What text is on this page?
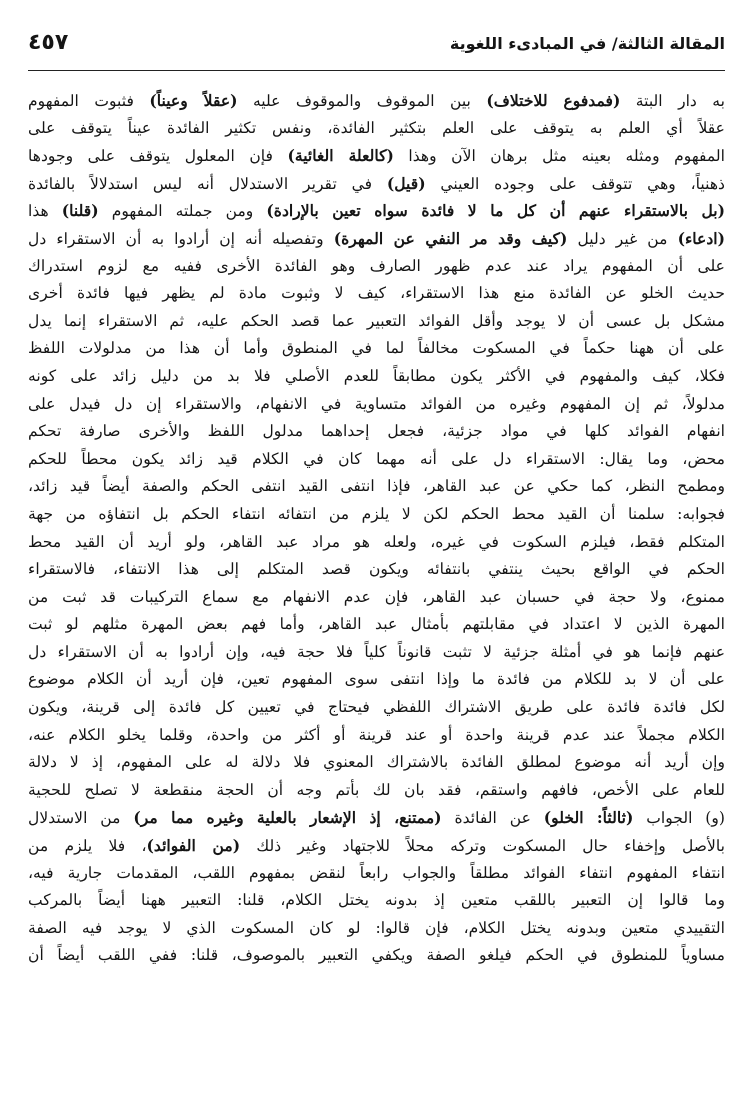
المقالة الثالثة/ في المبادىء اللغوية
٤٥٧
به دار البتة (فمدفوع للاختلاف) بين الموقوف والموقوف عليه (عقلاً وعيناً) فثبوت المفهوم
عقلاً أي العلم به يتوقف على العلم بتكثير الفائدة، ونفس تكثير الفائدة عيناً يتوقف على
المفهوم ومثله بعينه مثل برهان الآن وهذا (كالعلة الغائية) فإن المعلول يتوقف على وجودها
ذهنياً، وهي تتوقف على وجوده العيني (قيل) في تقرير الاستدلال أنه ليس استدلالاً بالفائدة
(بل بالاستقراء عنهم أن كل ما لا فائدة سواه تعين بالإرادة) ومن جملته المفهوم (قلنا) هذا
(ادعاء) من غير دليل (كيف وقد مر النفي عن المهرة) وتفصيله أنه إن أرادوا به أن الاستقراء دل
على أن المفهوم يراد عند عدم ظهور الصارف وهو الفائدة الأخرى ففيه مع لزوم استدراك
حديث الخلو عن الفائدة منع هذا الاستقراء، كيف لا وثبوت مادة لم يظهر فيها فائدة أخرى
مشكل بل عسى أن لا يوجد وأقل الفوائد التعبير عما قصد الحكم عليه، ثم الاستقراء إنما يدل
على أن ههنا حكماً في المسكوت مخالفاً لما في المنطوق وأما أن هذا من مدلولات اللفظ
فكلا، كيف والمفهوم في الأكثر يكون مطابقاً للعدم الأصلي فلا بد من دليل زائد على كونه
مدلولاً، ثم إن المفهوم وغيره من الفوائد متساوية في الانفهام، والاستقراء إن دل فيدل على
انفهام الفوائد كلها في مواد جزئية، فجعل إحداهما مدلول اللفظ والأخرى صارفة تحكم
محض، وما يقال: الاستقراء دل على أنه مهما كان في الكلام قيد زائد يكون محطاً للحكم
ومطمح النظر، كما حكي عن عبد القاهر، فإذا انتفى القيد انتفى الحكم والصفة أيضاً قيد زائد،
فجوابه: سلمنا أن القيد محط الحكم لكن لا يلزم من انتفائه انتفاء الحكم بل انتفاؤه من جهة
المتكلم فقط، فيلزم السكوت في غيره، ولعله هو مراد عبد القاهر، ولو أريد أن القيد محط
الحكم في الواقع بحيث ينتفي بانتفائه ويكون قصد المتكلم إلى هذا الانتفاء، فالاستقراء
ممنوع، ولا حجة في حسبان عبد القاهر، فإن عدم الانفهام مع سماع التركيبات قد ثبت من
المهرة الذين لا اعتداد في مقابلتهم بأمثال عبد القاهر، وأما فهم بعض المهرة مثلهم لو ثبت
عنهم فإنما هو في أمثلة جزئية لا تثبت قانوناً كلياً فلا حجة فيه، وإن أرادوا به أن الاستقراء دل
على أن لا بد للكلام من فائدة ما وإذا انتفى سوى المفهوم تعين، فإن أريد أن الكلام موضوع
لكل فائدة فائدة على طريق الاشتراك اللفظي فيحتاج في تعيين كل فائدة إلى قرينة، ويكون
الكلام مجملاً عند عدم قرينة واحدة أو عند قرينة أو أكثر من واحدة، وقلما يخلو الكلام عنه،
وإن أريد أنه موضوع لمطلق الفائدة بالاشتراك المعنوي فلا دلالة له على المفهوم، إذ لا دلالة
للعام على الأخص، فافهم واستقم، فقد بان لك بأتم وجه أن الحجة منقطعة لا تصلح للحجية
(و) الجواب (ثالثاً: الخلو) عن الفائدة (ممتنع، إذ الإشعار بالعلية وغيره مما مر) من الاستدلال
بالأصل وإخفاء حال المسكوت وتركه محلاً للاجتهاد وغير ذلك (من الفوائد)، فلا يلزم من
انتفاء المفهوم انتفاء الفوائد مطلقاً والجواب رابعاً لنقض بمفهوم اللقب، المقدمات جارية فيه،
وما قالوا إن التعبير باللقب متعين إذ بدونه يختل الكلام، قلنا: التعبير ههنا أيضاً بالمركب
التقييدي متعين وبدونه يختل الكلام، فإن قالوا: لو كان المسكوت الذي لا يوجد فيه الصفة
مساوياً للمنطوق في الحكم فيلغو الصفة ويكفي التعبير بالموصوف، قلنا: ففي اللقب أيضاً أن
